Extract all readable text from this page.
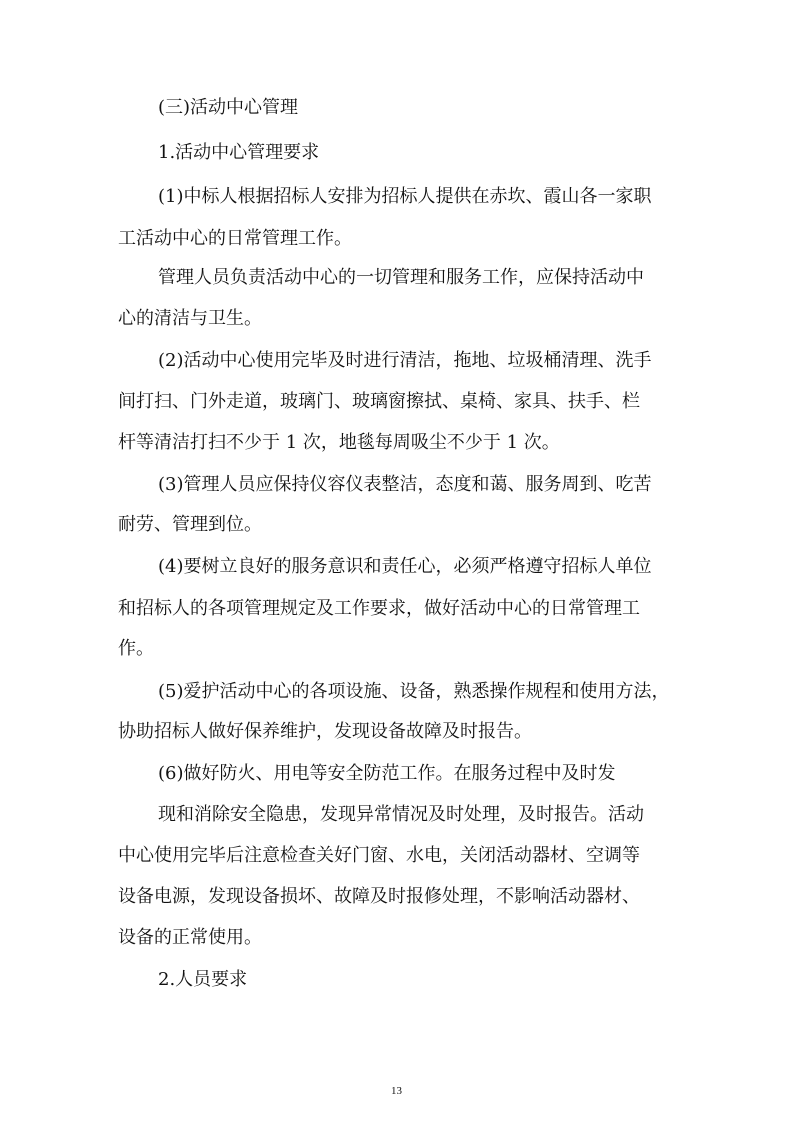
(三)活动中心管理
1.活动中心管理要求
(1)中标人根据招标人安排为招标人提供在赤坎、霞山各一家职
工活动中心的日常管理工作。
管理人员负责活动中心的一切管理和服务工作，应保持活动中
心的清洁与卫生。
(2)活动中心使用完毕及时进行清洁，拖地、垃圾桶清理、洗手
间打扫、门外走道，玻璃门、玻璃窗擦拭、桌椅、家具、扶手、栏
杆等清洁打扫不少于 1 次，地毯每周吸尘不少于 1 次。
(3)管理人员应保持仪容仪表整洁，态度和蔼、服务周到、吃苦
耐劳、管理到位。
(4)要树立良好的服务意识和责任心，必须严格遵守招标人单位
和招标人的各项管理规定及工作要求，做好活动中心的日常管理工
作。
(5)爱护活动中心的各项设施、设备，熟悉操作规程和使用方法，
协助招标人做好保养维护，发现设备故障及时报告。
(6)做好防火、用电等安全防范工作。在服务过程中及时发
现和消除安全隐患，发现异常情况及时处理，及时报告。活动
中心使用完毕后注意检查关好门窗、水电，关闭活动器材、空调等
设备电源，发现设备损坏、故障及时报修处理，不影响活动器材、
设备的正常使用。
2.人员要求
13
